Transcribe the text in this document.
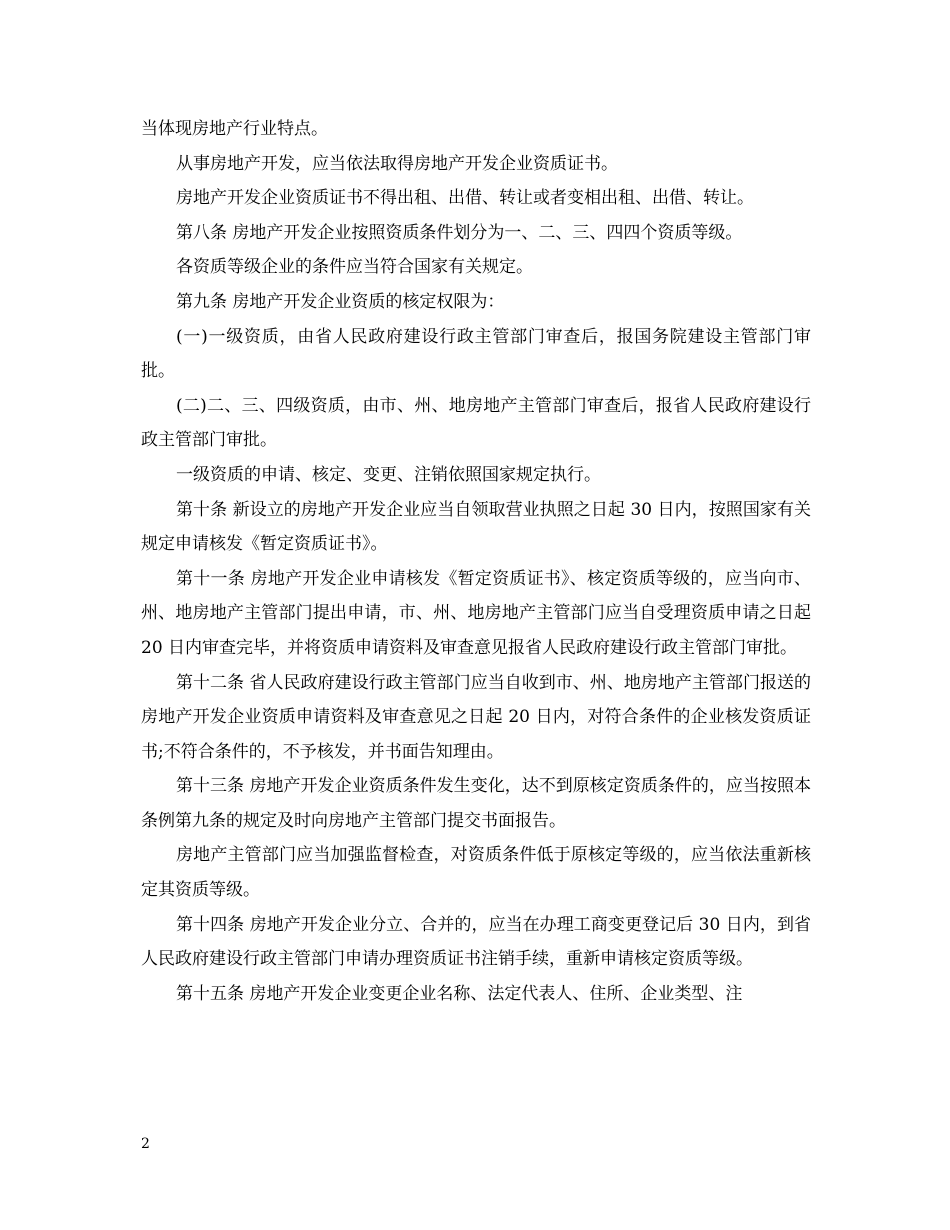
当体现房地产行业特点。

从事房地产开发，应当依法取得房地产开发企业资质证书。

房地产开发企业资质证书不得出租、出借、转让或者变相出租、出借、转让。

第八条 房地产开发企业按照资质条件划分为一、二、三、四四个资质等级。

各资质等级企业的条件应当符合国家有关规定。

第九条 房地产开发企业资质的核定权限为：

(一)一级资质，由省人民政府建设行政主管部门审查后，报国务院建设主管部门审批。

(二)二、三、四级资质，由市、州、地房地产主管部门审查后，报省人民政府建设行政主管部门审批。

一级资质的申请、核定、变更、注销依照国家规定执行。

第十条 新设立的房地产开发企业应当自领取营业执照之日起 30 日内，按照国家有关规定申请核发《暂定资质证书》。

第十一条 房地产开发企业申请核发《暂定资质证书》、核定资质等级的，应当向市、州、地房地产主管部门提出申请，市、州、地房地产主管部门应当自受理资质申请之日起 20 日内审查完毕，并将资质申请资料及审查意见报省人民政府建设行政主管部门审批。

第十二条 省人民政府建设行政主管部门应当自收到市、州、地房地产主管部门报送的房地产开发企业资质申请资料及审查意见之日起 20 日内，对符合条件的企业核发资质证书;不符合条件的，不予核发，并书面告知理由。

第十三条 房地产开发企业资质条件发生变化，达不到原核定资质条件的，应当按照本条例第九条的规定及时向房地产主管部门提交书面报告。

房地产主管部门应当加强监督检查，对资质条件低于原核定等级的，应当依法重新核定其资质等级。

第十四条 房地产开发企业分立、合并的，应当在办理工商变更登记后 30 日内，到省人民政府建设行政主管部门申请办理资质证书注销手续，重新申请核定资质等级。

第十五条 房地产开发企业变更企业名称、法定代表人、住所、企业类型、注

2
